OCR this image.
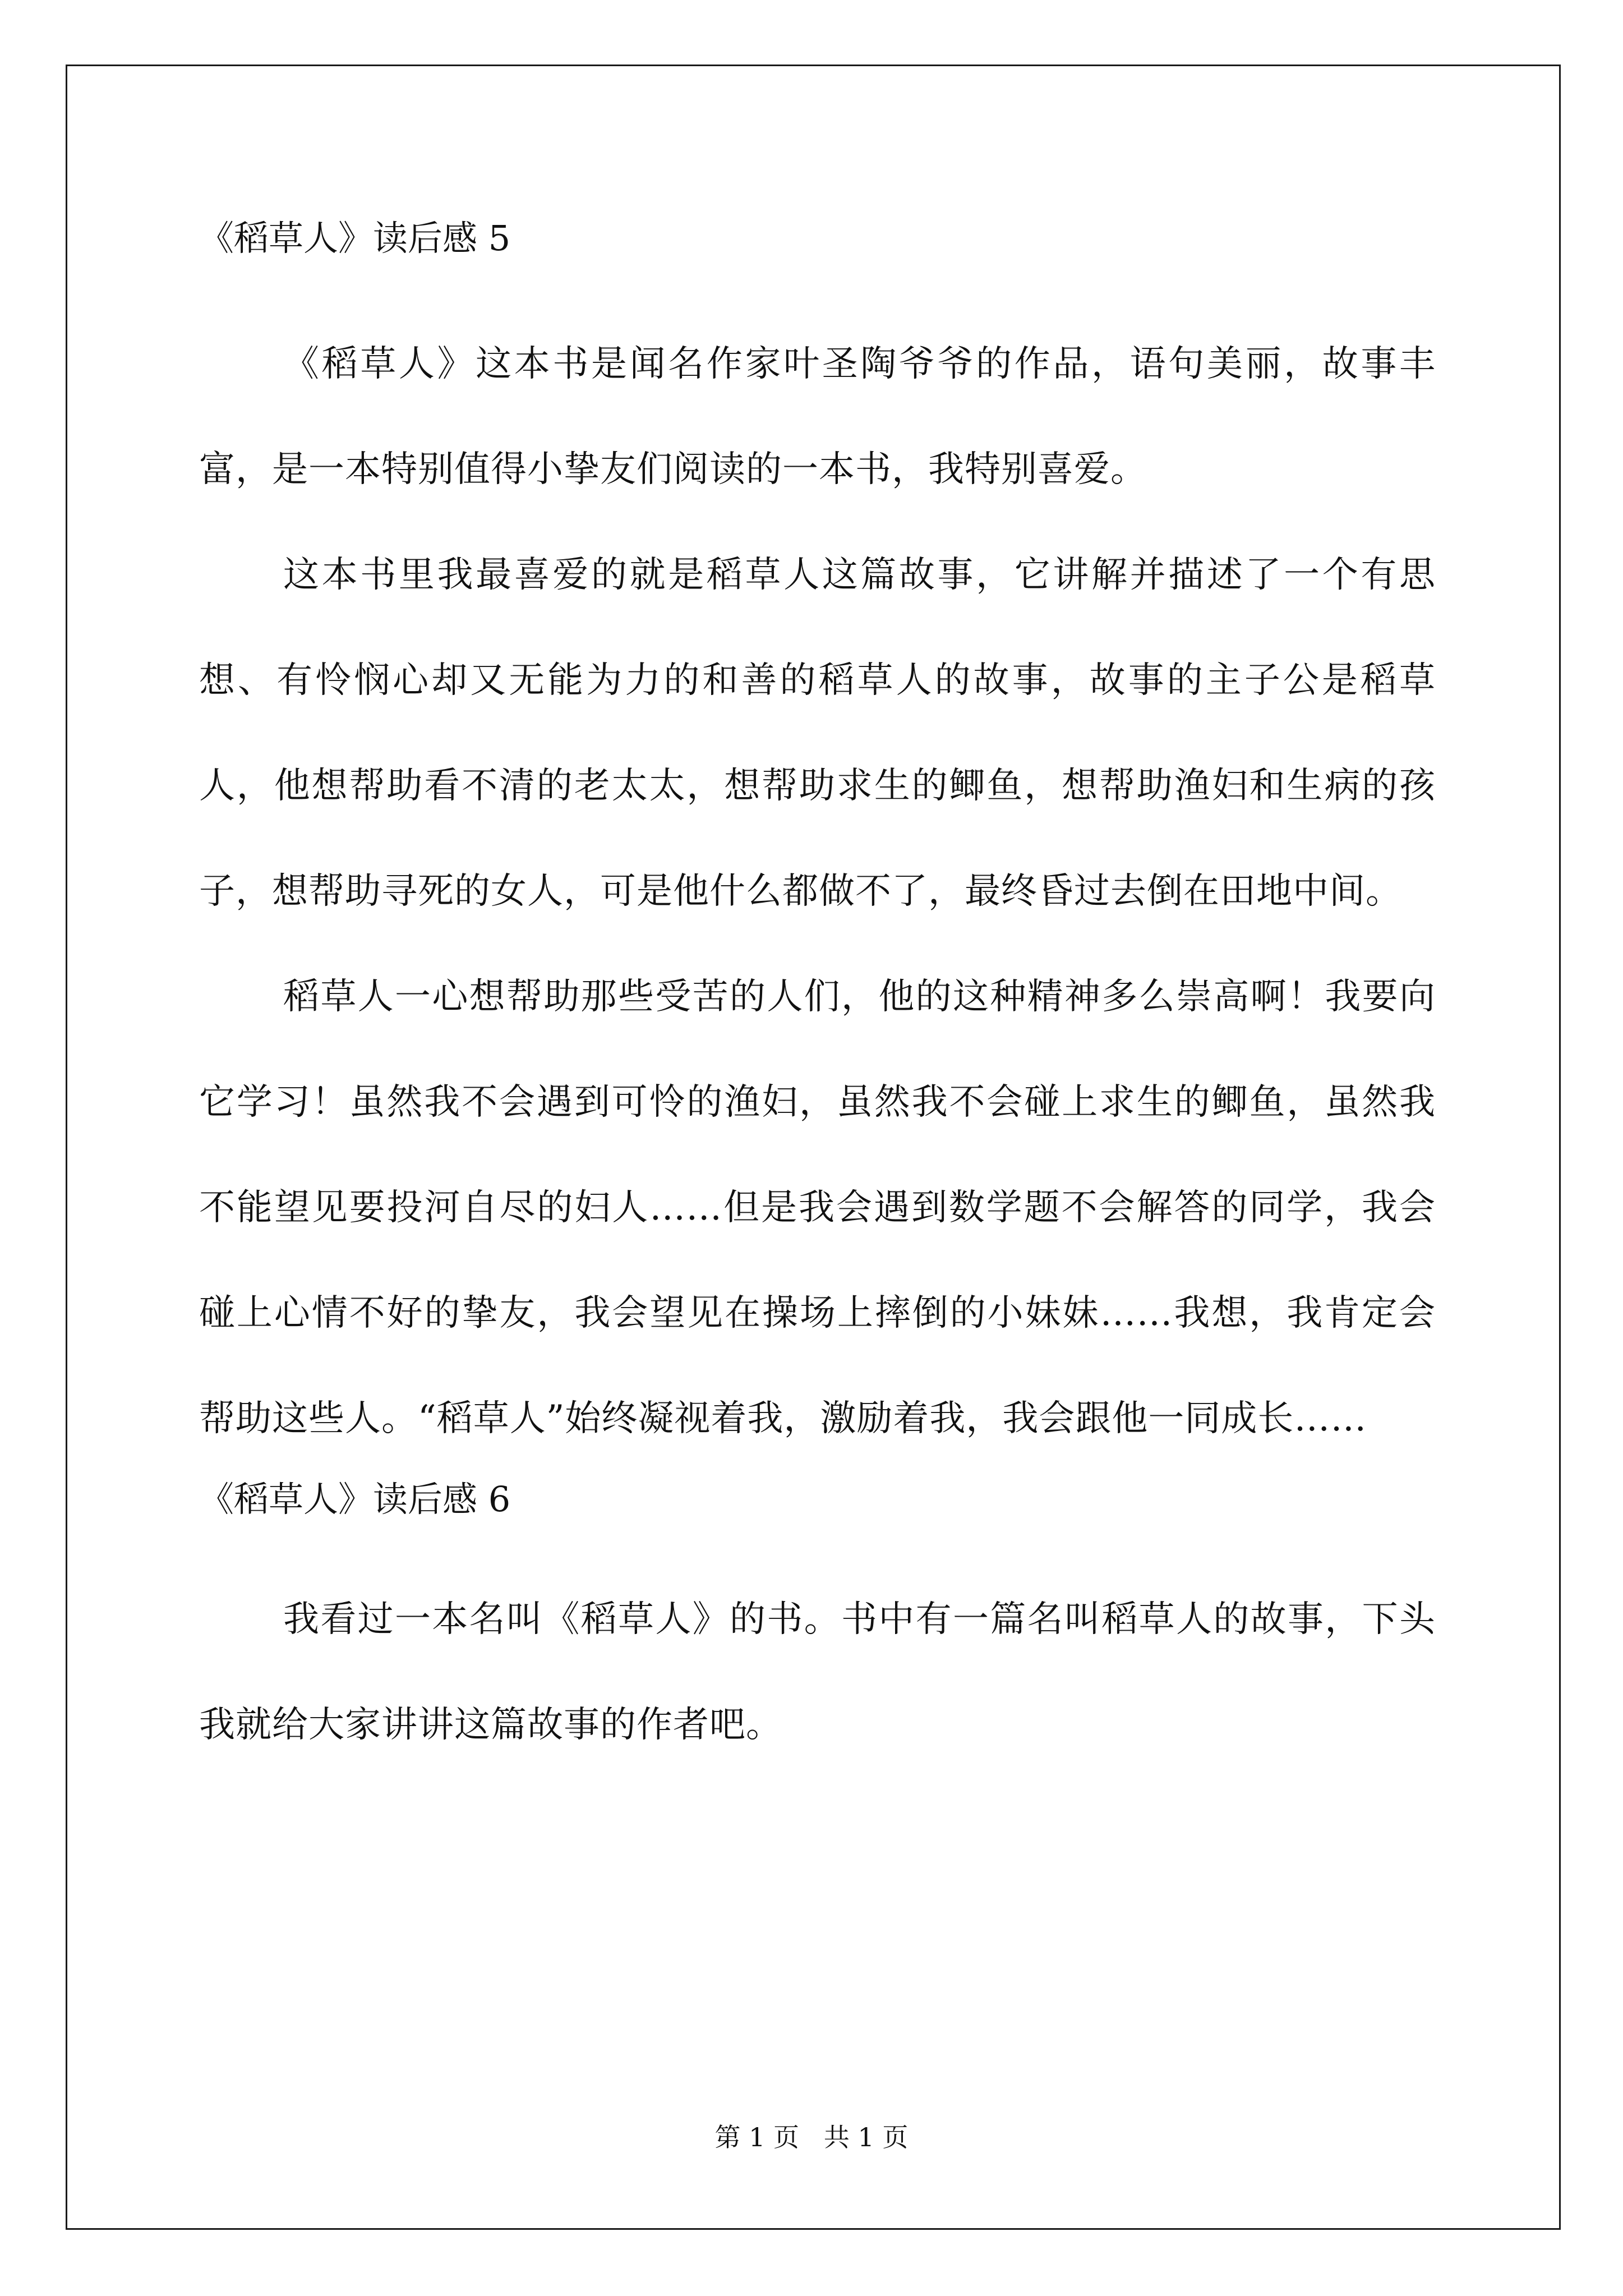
《稻草人》读后感 5

《稻草人》这本书是闻名作家叶圣陶爷爷的作品，语句美丽，故事丰富，是一本特别值得小挚友们阅读的一本书，我特别喜爱。

这本书里我最喜爱的就是稻草人这篇故事，它讲解并描述了一个有思想、有怜悯心却又无能为力的和善的稻草人的故事，故事的主子公是稻草人，他想帮助看不清的老太太，想帮助求生的鲫鱼，想帮助渔妇和生病的孩子，想帮助寻死的女人，可是他什么都做不了，最终昏过去倒在田地中间。

稻草人一心想帮助那些受苦的人们，他的这种精神多么崇高啊！我要向它学习！虽然我不会遇到可怜的渔妇，虽然我不会碰上求生的鲫鱼，虽然我不能望见要投河自尽的妇人……但是我会遇到数学题不会解答的同学，我会碰上心情不好的挚友，我会望见在操场上摔倒的小妹妹……我想，我肯定会帮助这些人。“稻草人”始终凝视着我，激励着我，我会跟他一同成长……

《稻草人》读后感 6

我看过一本名叫《稻草人》的书。书中有一篇名叫稻草人的故事，下头我就给大家讲讲这篇故事的作者吧。

第 1 页   共 1 页
